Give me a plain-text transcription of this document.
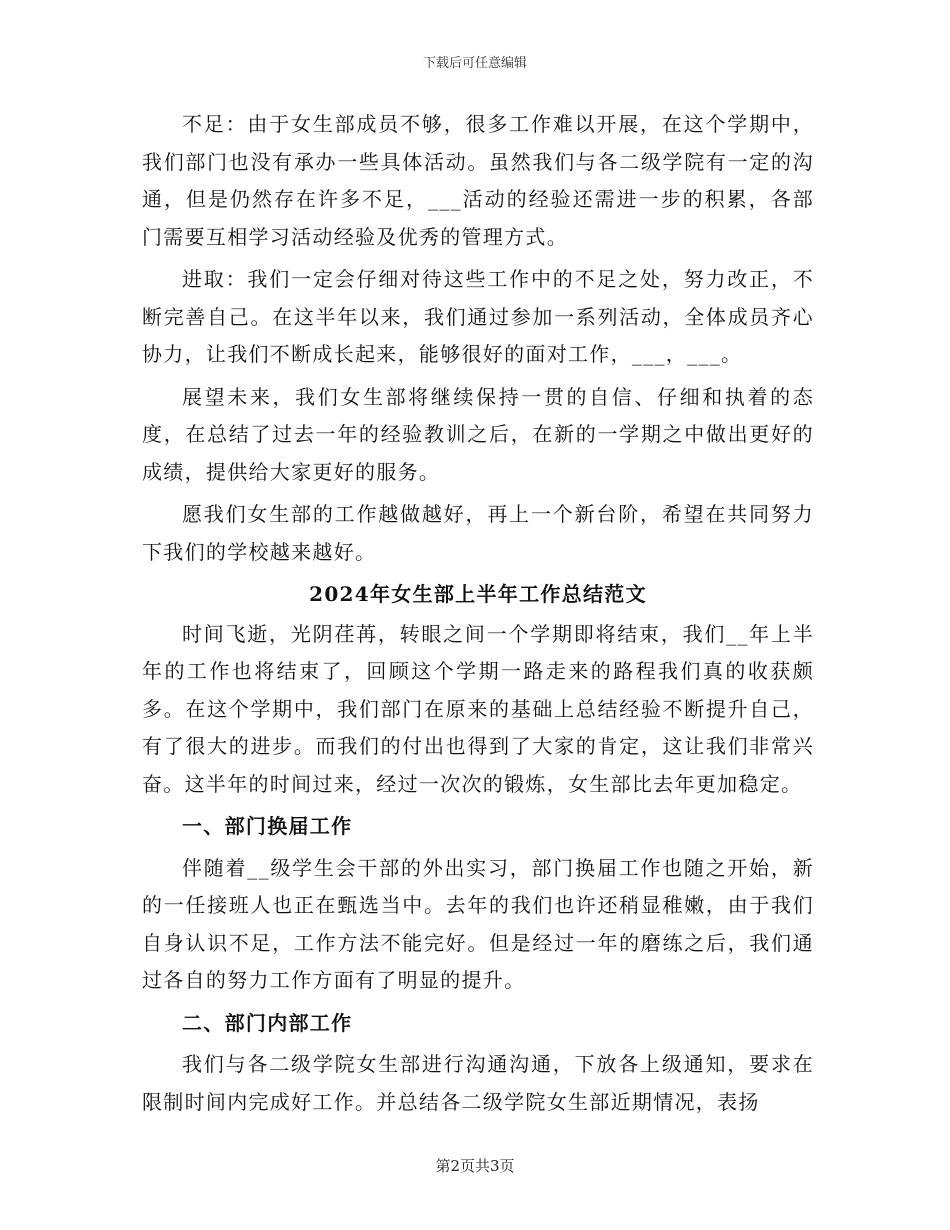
下载后可任意编辑

不足：由于女生部成员不够，很多工作难以开展，在这个学期中，我们部门也没有承办一些具体活动。虽然我们与各二级学院有一定的沟通，但是仍然存在许多不足，___活动的经验还需进一步的积累，各部门需要互相学习活动经验及优秀的管理方式。

进取：我们一定会仔细对待这些工作中的不足之处，努力改正，不断完善自己。在这半年以来，我们通过参加一系列活动，全体成员齐心协力，让我们不断成长起来，能够很好的面对工作，___，___。

展望未来，我们女生部将继续保持一贯的自信、仔细和执着的态度，在总结了过去一年的经验教训之后，在新的一学期之中做出更好的成绩，提供给大家更好的服务。

愿我们女生部的工作越做越好，再上一个新台阶，希望在共同努力下我们的学校越来越好。

2024年女生部上半年工作总结范文

时间飞逝，光阴荏苒，转眼之间一个学期即将结束，我们__年上半年的工作也将结束了，回顾这个学期一路走来的路程我们真的收获颇多。在这个学期中，我们部门在原来的基础上总结经验不断提升自己，有了很大的进步。而我们的付出也得到了大家的肯定，这让我们非常兴奋。这半年的时间过来，经过一次次的锻炼，女生部比去年更加稳定。

一、部门换届工作

伴随着__级学生会干部的外出实习，部门换届工作也随之开始，新的一任接班人也正在甄选当中。去年的我们也许还稍显稚嫩，由于我们自身认识不足，工作方法不能完好。但是经过一年的磨练之后，我们通过各自的努力工作方面有了明显的提升。

二、部门内部工作

我们与各二级学院女生部进行沟通沟通，下放各上级通知，要求在限制时间内完成好工作。并总结各二级学院女生部近期情况，表扬

第2页共3页
